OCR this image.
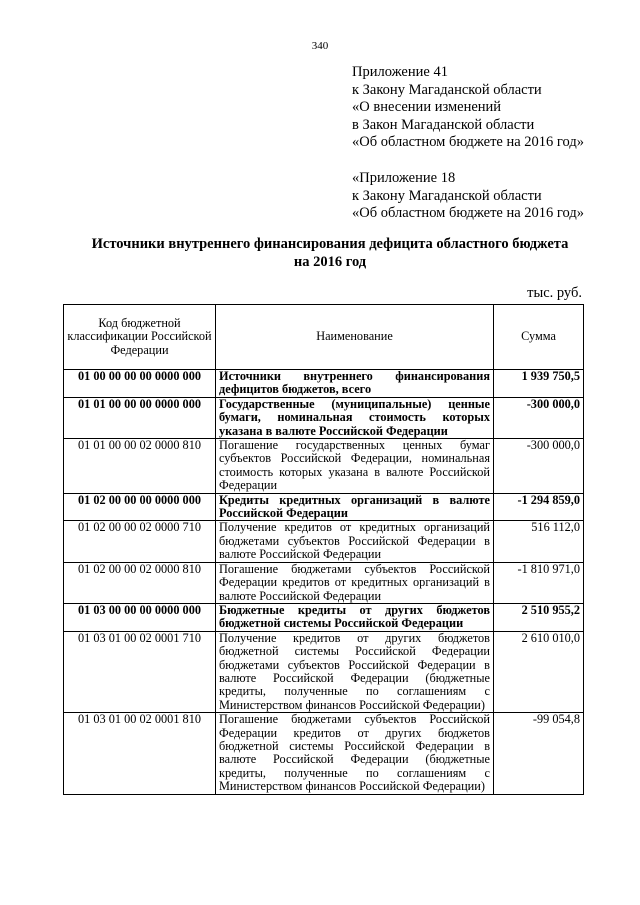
340
Приложение 41
к Закону Магаданской области
«О внесении изменений
в Закон Магаданской области
«Об областном бюджете на 2016 год»
«Приложение 18
к Закону Магаданской области
«Об областном бюджете на 2016 год»
Источники внутреннего финансирования дефицита областного бюджета
на 2016 год
тыс. руб.
Код бюджетной классификации Российской Федерации	Наименование	Сумма
01 00 00 00 00 0000 000	Источники внутреннего финансирования дефицитов бюджетов, всего	1 939 750,5
01 01 00 00 00 0000 000	Государственные (муниципальные) ценные бумаги, номинальная стоимость которых указана в валюте Российской Федерации	-300 000,0
01 01 00 00 02 0000 810	Погашение государственных ценных бумаг субъектов Российской Федерации, номинальная стоимость которых указана в валюте Российской Федерации	-300 000,0
01 02 00 00 00 0000 000	Кредиты кредитных организаций в валюте Российской Федерации	-1 294 859,0
01 02 00 00 02 0000 710	Получение кредитов от кредитных организаций бюджетами субъектов Российской Федерации в валюте Российской Федерации	516 112,0
01 02 00 00 02 0000 810	Погашение бюджетами субъектов Российской Федерации кредитов от кредитных организаций в валюте Российской Федерации	-1 810 971,0
01 03 00 00 00 0000 000	Бюджетные кредиты от других бюджетов бюджетной системы Российской Федерации	2 510 955,2
01 03 01 00 02 0001 710	Получение кредитов от других бюджетов бюджетной системы Российской Федерации бюджетами субъектов Российской Федерации в валюте Российской Федерации (бюджетные кредиты, полученные по соглашениям с Министерством финансов Российской Федерации)	2 610 010,0
01 03 01 00 02 0001 810	Погашение бюджетами субъектов Российской Федерации кредитов от других бюджетов бюджетной системы Российской Федерации в валюте Российской Федерации (бюджетные кредиты, полученные по соглашениям с Министерством финансов Российской Федерации)	-99 054,8
